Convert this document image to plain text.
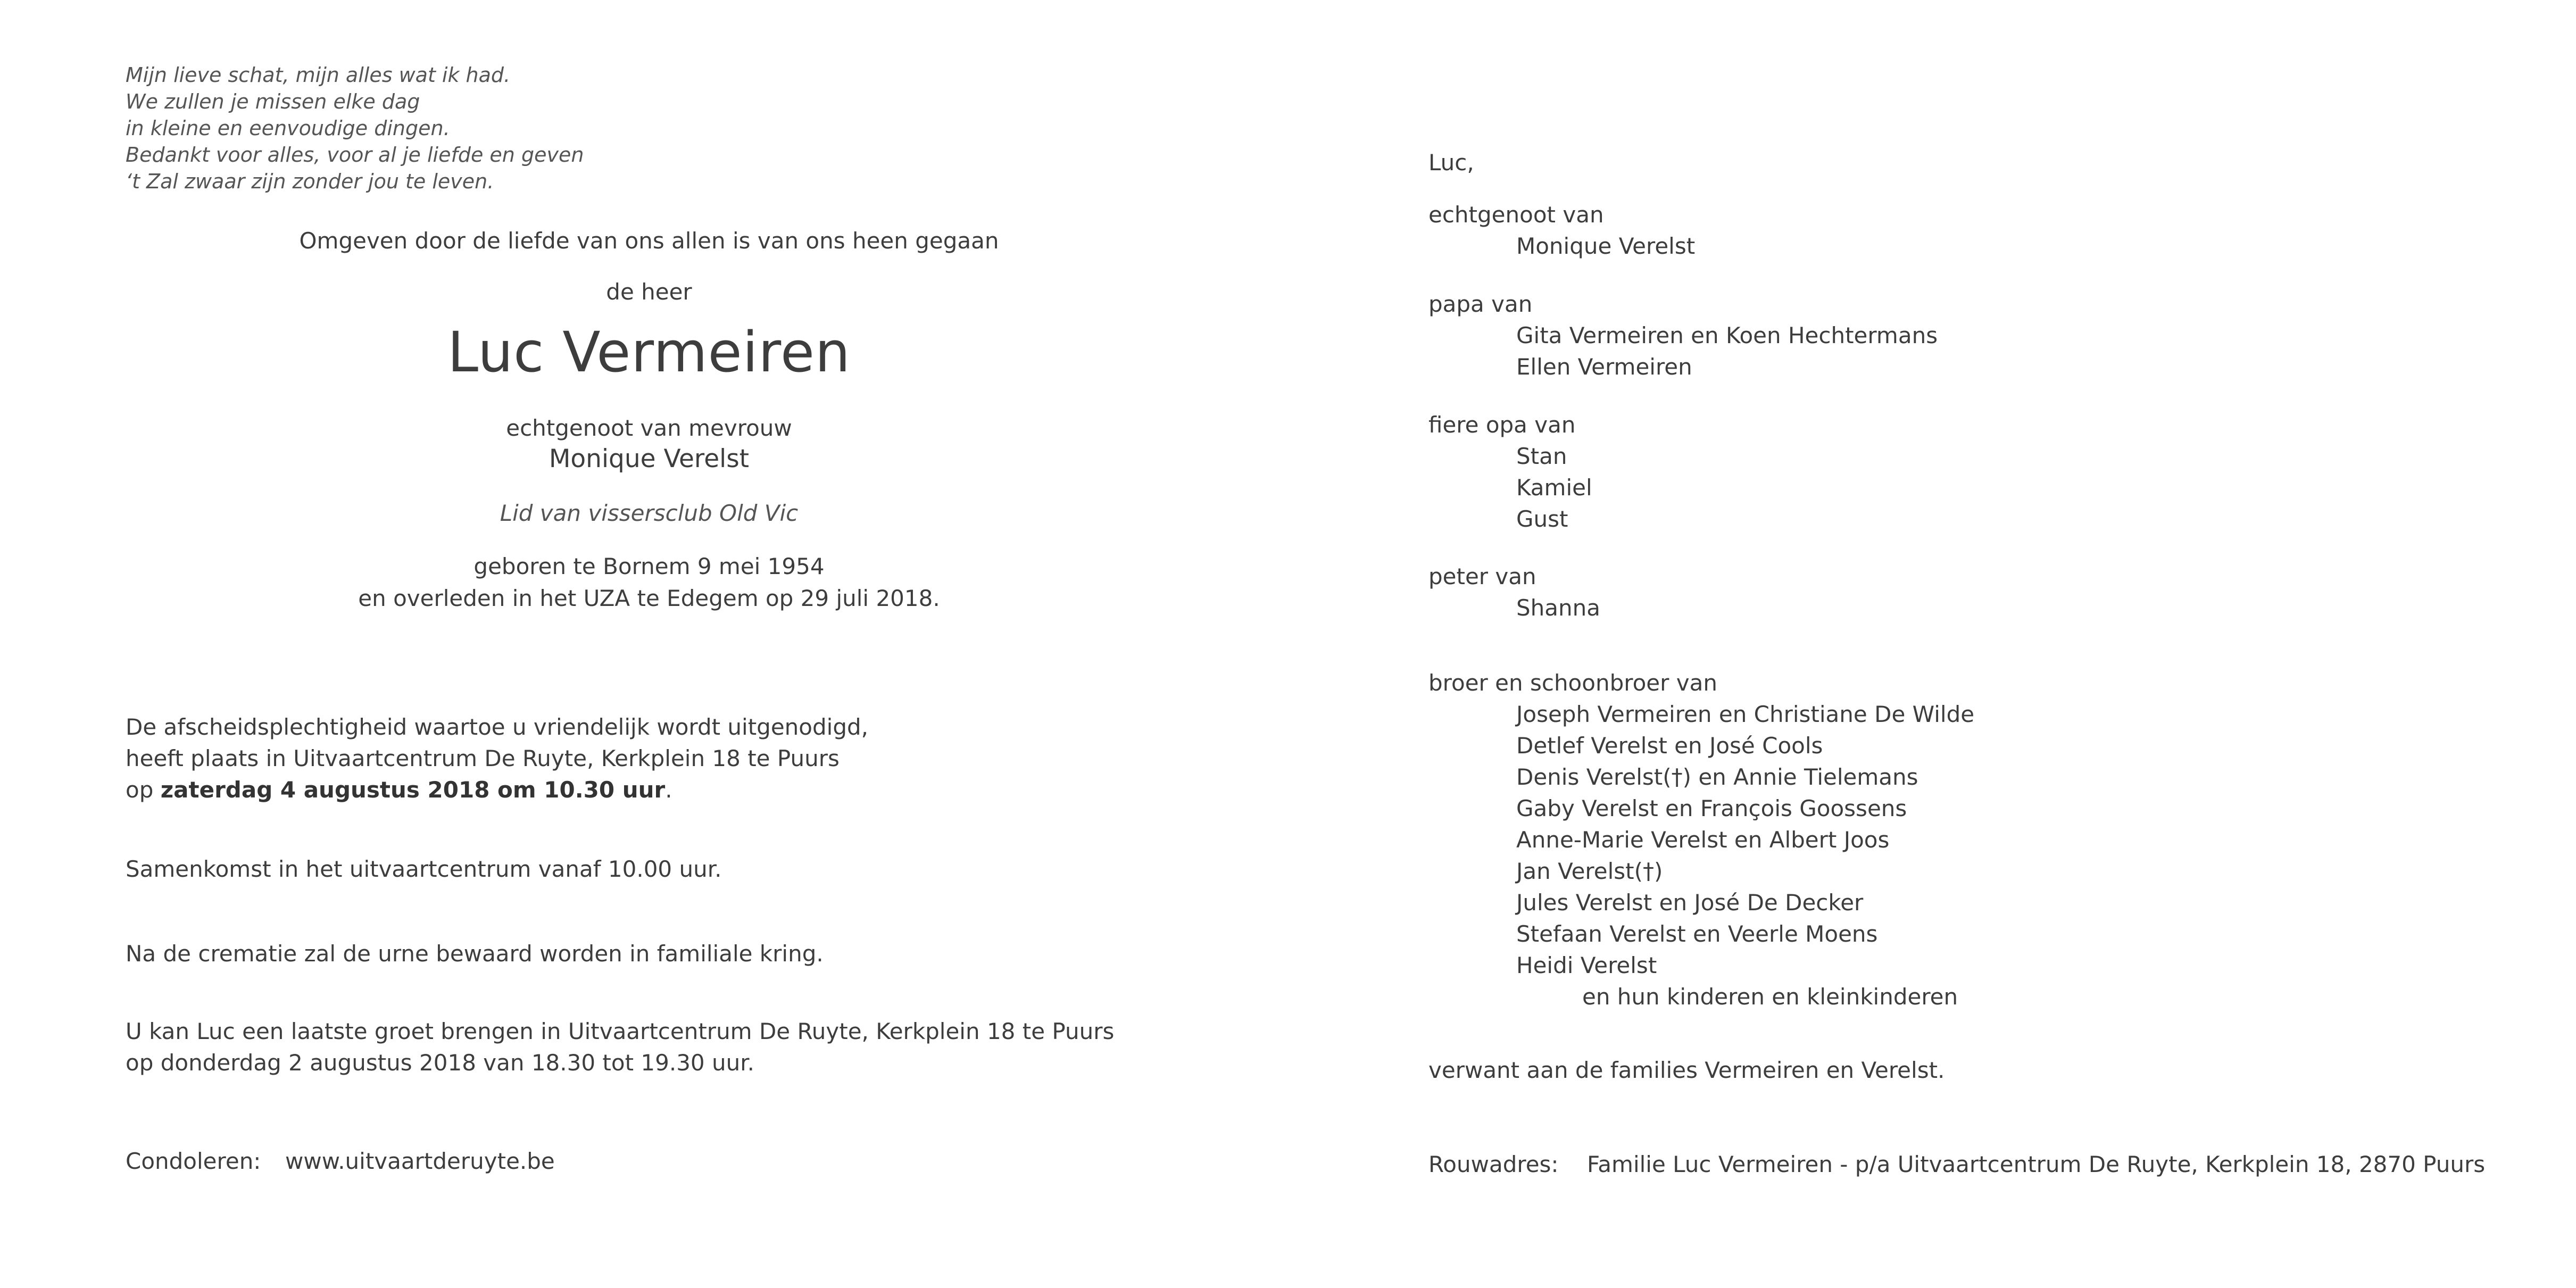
Mijn lieve schat, mijn alles wat ik had.
We zullen je missen elke dag
in kleine en eenvoudige dingen.
Bedankt voor alles, voor al je liefde en geven
‘t Zal zwaar zijn zonder jou te leven.
Omgeven door de liefde van ons allen is van ons heen gegaan
de heer
Luc Vermeiren
echtgenoot van mevrouw
Monique Verelst
Lid van vissersclub Old Vic
geboren te Bornem 9 mei 1954
en overleden in het UZA te Edegem op 29 juli 2018.
De afscheidsplechtigheid waartoe u vriendelijk wordt uitgenodigd,
heeft plaats in Uitvaartcentrum De Ruyte, Kerkplein 18 te Puurs
op zaterdag 4 augustus 2018 om 10.30 uur.
Samenkomst in het uitvaartcentrum vanaf 10.00 uur.
Na de crematie zal de urne bewaard worden in familiale kring.
U kan Luc een laatste groet brengen in Uitvaartcentrum De Ruyte, Kerkplein 18 te Puurs
op donderdag 2 augustus 2018 van 18.30 tot 19.30 uur.
Condoleren: www.uitvaartderuyte.be
Luc,
echtgenoot van
Monique Verelst
papa van
Gita Vermeiren en Koen Hechtermans
Ellen Vermeiren
fiere opa van
Stan
Kamiel
Gust
peter van
Shanna
broer en schoonbroer van
Joseph Vermeiren en Christiane De Wilde
Detlef Verelst en José Cools
Denis Verelst(†) en Annie Tielemans
Gaby Verelst en François Goossens
Anne-Marie Verelst en Albert Joos
Jan Verelst(†)
Jules Verelst en José De Decker
Stefaan Verelst en Veerle Moens
Heidi Verelst
en hun kinderen en kleinkinderen
verwant aan de families Vermeiren en Verelst.
Rouwadres: Familie Luc Vermeiren - p/a Uitvaartcentrum De Ruyte, Kerkplein 18, 2870 Puurs
